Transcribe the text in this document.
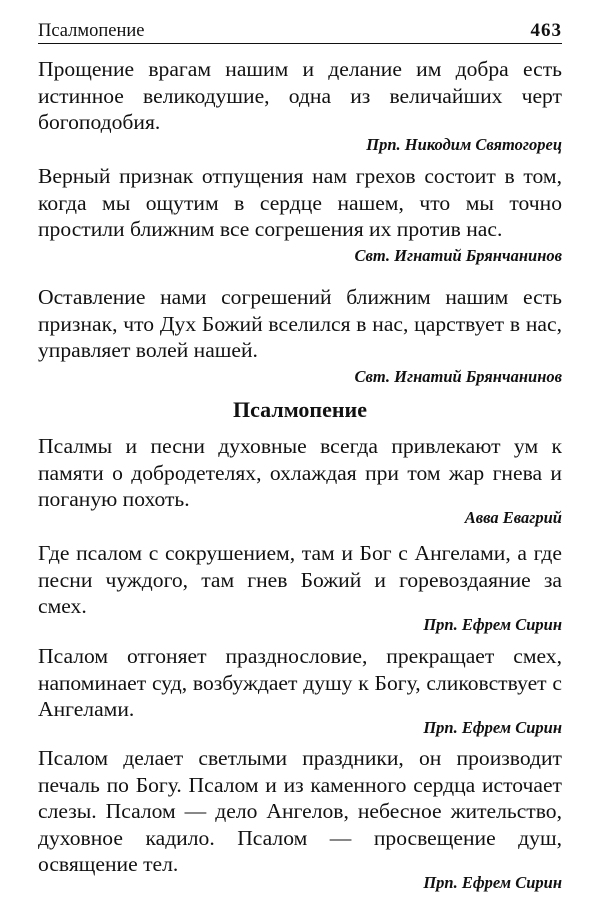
Псалмопение	463

Прощение врагам нашим и делание им добра есть истинное великодушие, одна из величайших черт богоподобия.

Прп. Никодим Святогорец

Верный признак отпущения нам грехов состоит в том, когда мы ощутим в сердце нашем, что мы точно простили ближним все согрешения их против нас.

Свт. Игнатий Брянчанинов

Оставление нами согрешений ближним нашим есть признак, что Дух Божий вселился в нас, царствует в нас, управляет волей нашей.

Свт. Игнатий Брянчанинов

Псалмопение

Псалмы и песни духовные всегда привлекают ум к памяти о добродетелях, охлаждая при том жар гнева и поганую похоть.

Авва Евагрий

Где псалом с сокрушением, там и Бог с Ангелами, а где песни чуждого, там гнев Божий и горевоздаяние за смех.

Прп. Ефрем Сирин

Псалом отгоняет празднословие, прекращает смех, напоминает суд, возбуждает душу к Богу, сликовствует с Ангелами.

Прп. Ефрем Сирин

Псалом делает светлыми праздники, он производит печаль по Богу. Псалом и из каменного сердца источает слезы. Псалом — дело Ангелов, небесное жительство, духовное кадило. Псалом — просвещение душ, освящение тел.

Прп. Ефрем Сирин
